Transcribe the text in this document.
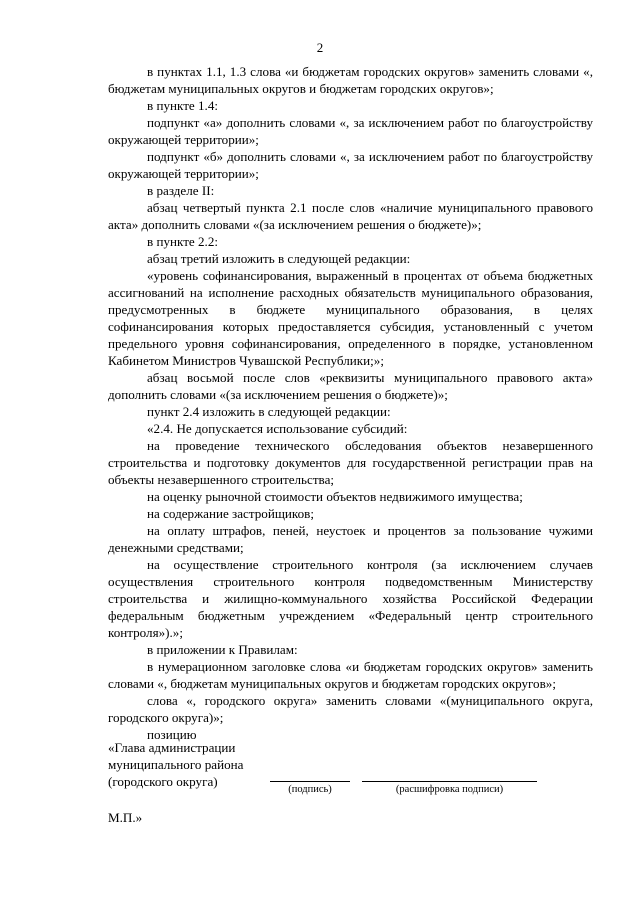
2

в пунктах 1.1, 1.3 слова «и бюджетам городских округов» заменить словами «, бюджетам муниципальных округов и бюджетам городских округов»;

в пункте 1.4:

подпункт «а» дополнить словами «, за исключением работ по благоустройству окружающей территории»;

подпункт «б» дополнить словами «, за исключением работ по благоустройству окружающей территории»;

в разделе II:

абзац четвертый пункта 2.1 после слов «наличие муниципального правового акта» дополнить словами «(за исключением решения о бюджете)»;

в пункте 2.2:

абзац третий изложить в следующей редакции:

«уровень софинансирования, выраженный в процентах от объема бюджетных ассигнований на исполнение расходных обязательств муниципального образования, предусмотренных в бюджете муниципального образования, в целях софинансирования которых предоставляется субсидия, установленный с учетом предельного уровня софинансирования, определенного в порядке, установленном Кабинетом Министров Чувашской Республики;»;

абзац восьмой после слов «реквизиты муниципального правового акта» дополнить словами «(за исключением решения о бюджете)»;

пункт 2.4 изложить в следующей редакции:

«2.4. Не допускается использование субсидий:

на проведение технического обследования объектов незавершенного строительства и подготовку документов для государственной регистрации прав на объекты незавершенного строительства;

на оценку рыночной стоимости объектов недвижимого имущества;

на содержание застройщиков;

на оплату штрафов, пеней, неустоек и процентов за пользование чужими денежными средствами;

на осуществление строительного контроля (за исключением случаев осуществления строительного контроля подведомственным Министерству строительства и жилищно-коммунального хозяйства Российской Федерации федеральным бюджетным учреждением «Федеральный центр строительного контроля»).»;

в приложении к Правилам:

в нумерационном заголовке слова «и бюджетам городских округов» заменить словами «, бюджетам муниципальных округов и бюджетам городских округов»;

слова «, городского округа» заменить словами «(муниципального округа, городского округа)»;

позицию

«Глава администрации
муниципального района
(городского округа)
(подпись)	(расшифровка подписи)
М.П.»
